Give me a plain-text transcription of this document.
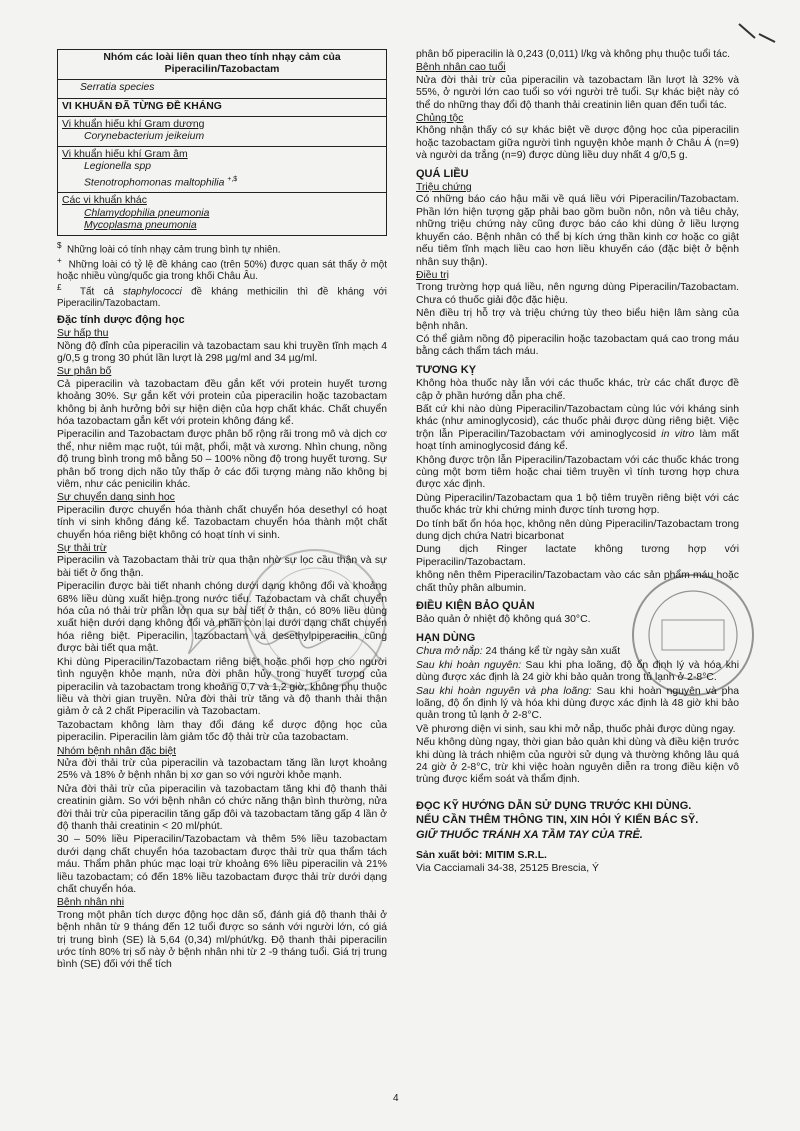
Nhóm các loài liên quan theo tính nhạy cảm của Piperacilin/Tazobactam
Serratia species
VI KHUẨN ĐÃ TỪNG ĐỀ KHÁNG

Vi khuẩn hiếu khí Gram dương
Corynebacterium jeikeium

Vi khuẩn hiếu khí Gram âm
Legionella spp
Stenotrophomonas maltophilia +,$

Các vi khuẩn khác
Chlamydophilia pneumonia
Mycoplasma pneumonia

$ Những loài có tính nhạy cảm trung bình tự nhiên.

+ Những loài có tỷ lệ đề kháng cao (trên 50%) được quan sát thấy ở một hoặc nhiều vùng/quốc gia trong khối Châu Âu.

£ Tất cả staphylococci đề kháng methicilin thì đề kháng với Piperacilin/Tazobactam.

Đặc tính dược động học
Sự hấp thu

Nồng độ đỉnh của piperacilin và tazobactam sau khi truyền tĩnh mạch 4 g/0,5 g trong 30 phút lần lượt là 298 µg/ml and 34 µg/ml.

Sự phân bố

Cả piperacilin và tazobactam đều gắn kết với protein huyết tương khoảng 30%. Sự gắn kết với protein của piperacilin hoặc tazobactam không bị ảnh hưởng bởi sự hiện diện của hợp chất khác. Chất chuyển hóa tazobactam gắn kết với protein không đáng kể.

Piperacilin and Tazobactam được phân bố rộng rãi trong mô và dịch cơ thể, như niêm mạc ruột, túi mật, phổi, mật và xương. Nhìn chung, nồng độ trung bình trong mô bằng 50 – 100% nồng độ trong huyết tương. Sự phân bố trong dịch não tủy thấp ở các đối tượng màng não không bị viêm, như các penicilin khác.

Sự chuyển dạng sinh học

Piperacilin được chuyển hóa thành chất chuyển hóa desethyl có hoạt tính vi sinh không đáng kể. Tazobactam chuyển hóa thành một chất chuyển hóa riêng biệt không có hoạt tính vi sinh.

Sự thải trừ

Piperacilin và Tazobactam thải trừ qua thận nhờ sự lọc cầu thận và sự bài tiết ở ống thận.

Piperacilin được bài tiết nhanh chóng dưới dạng không đổi và khoảng 68% liều dùng xuất hiện trong nước tiểu. Tazobactam và chất chuyển hóa của nó thải trừ phần lớn qua sự bài tiết ở thận, có 80% liều dùng xuất hiện dưới dạng không đổi và phần còn lại dưới dạng chất chuyển hóa riêng biệt. Piperacilin, tazobactam và desethylpiperacilin cũng được bài tiết qua mật.

Khi dùng Piperacilin/Tazobactam riêng biệt hoặc phối hợp cho người tình nguyện khỏe mạnh, nửa đời phân hủy trong huyết tương của piperacilin và tazobactam trong khoảng 0,7 và 1,2 giờ, không phụ thuộc liều và thời gian truyền. Nửa đời thải trừ tăng và độ thanh thải thận giảm ở cả 2 chất Piperacilin và Tazobactam.

Tazobactam không làm thay đổi đáng kể dược động học của piperacilin. Piperacilin làm giảm tốc độ thải trừ của tazobactam.

Nhóm bệnh nhân đặc biệt

Nửa đời thải trừ của piperacilin và tazobactam tăng lần lượt khoảng 25% và 18% ở bệnh nhân bị xơ gan so với người khỏe mạnh.

Nửa đời thải trừ của piperacilin và tazobactam tăng khi độ thanh thải creatinin giảm. So với bệnh nhân có chức năng thận bình thường, nửa đời thải trừ của piperacilin tăng gấp đôi và tazobactam tăng gấp 4 lần ở độ thanh thải creatinin < 20 ml/phút.

30 – 50% liều Piperacilin/Tazobactam và thêm 5% liều tazobactam dưới dạng chất chuyển hóa tazobactam được thải trừ qua thẩm tách máu. Thẩm phân phúc mạc loại trừ khoảng 6% liều piperacilin và 21% liều tazobactam; có đến 18% liều tazobactam được thải trừ dưới dạng chất chuyển hóa.

Bệnh nhân nhi

Trong một phân tích dược động học dân số, đánh giá độ thanh thải ở bệnh nhân từ 9 tháng đến 12 tuổi được so sánh với người lớn, có giá trị trung bình (SE) là 5,64 (0,34) ml/phút/kg. Độ thanh thải piperacilin ước tính 80% trị số này ở bệnh nhân nhi từ 2 -9 tháng tuổi. Giá trị trung bình (SE) đối với thể tích

phân bố piperacilin là 0,243 (0,011) l/kg và không phụ thuộc tuổi tác.

Bệnh nhân cao tuổi

Nửa đời thải trừ của piperacilin và tazobactam lần lượt là 32% và 55%, ở người lớn cao tuổi so với người trẻ tuổi. Sự khác biệt này có thể do những thay đổi độ thanh thải creatinin liên quan đến tuổi tác.

Chủng tộc

Không nhận thấy có sự khác biệt về dược động học của piperacilin hoặc tazobactam giữa người tình nguyện khỏe mạnh ở Châu Á (n=9) và người da trắng (n=9) được dùng liều duy nhất 4 g/0,5 g.

QUÁ LIỀU
Triệu chứng

Có những báo cáo hậu mãi về quá liều với Piperacilin/Tazobactam. Phần lớn hiện tượng gặp phải bao gồm buồn nôn, nôn và tiêu chảy, những triệu chứng này cũng được báo cáo khi dùng ở liều lượng khuyến cáo. Bệnh nhân có thể bị kích ứng thần kinh cơ hoặc co giật nếu tiêm tĩnh mạch liều cao hơn liều khuyến cáo (đặc biệt ở bệnh nhân suy thận).

Điều trị

Trong trường hợp quá liều, nên ngưng dùng Piperacilin/Tazobactam. Chưa có thuốc giải độc đặc hiệu.

Nên điều trị hỗ trợ và triệu chứng tùy theo biểu hiện lâm sàng của bệnh nhân.

Có thể giảm nồng độ piperacilin hoặc tazobactam quá cao trong máu bằng cách thẩm tách máu.

TƯƠNG KỴ

Không hòa thuốc này lẫn với các thuốc khác, trừ các chất được đề cập ở phần hướng dẫn pha chế.

Bất cứ khi nào dùng Piperacilin/Tazobactam cùng lúc với kháng sinh khác (như aminoglycosid), các thuốc phải được dùng riêng biệt. Việc trộn lẫn Piperacilin/Tazobactam với aminoglycosid in vitro làm mất hoạt tính aminoglycosid đáng kể.

Không được trộn lẫn Piperacilin/Tazobactam với các thuốc khác trong cùng một bơm tiêm hoặc chai tiêm truyền vì tính tương hợp chưa được xác định.

Dùng Piperacilin/Tazobactam qua 1 bộ tiêm truyền riêng biệt với các thuốc khác trừ khi chứng minh được tính tương hợp.

Do tính bất ổn hóa học, không nên dùng Piperacilin/Tazobactam trong dung dịch chứa Natri bicarbonat

Dung dịch Ringer lactate không tương hợp với Piperacilin/Tazobactam.

không nên thêm Piperacilin/Tazobactam vào các sản phẩm máu hoặc chất thủy phân albumin.

ĐIỀU KIỆN BẢO QUẢN

Bảo quản ở nhiệt độ không quá 30°C.

HẠN DÙNG

Chưa mở nắp: 24 tháng kể từ ngày sản xuất

Sau khi hoàn nguyên: Sau khi pha loãng, độ ổn định lý và hóa khi dùng được xác định là 24 giờ khi bảo quản trong tủ lạnh ở 2-8°C.

Sau khi hoàn nguyên và pha loãng: Sau khi hoàn nguyên và pha loãng, độ ổn định lý và hóa khi dùng được xác định là 48 giờ khi bảo quản trong tủ lạnh ở 2-8°C.

Về phương diện vi sinh, sau khi mở nắp, thuốc phải được dùng ngay.

Nếu không dùng ngay, thời gian bảo quản khi dùng và điều kiện trước khi dùng là trách nhiệm của người sử dụng và thường không lâu quá 24 giờ ở 2-8°C, trừ khi việc hoàn nguyên diễn ra trong điều kiện vô trùng được kiểm soát và thẩm định.

ĐỌC KỸ HƯỚNG DẪN SỬ DỤNG TRƯỚC KHI DÙNG.
NẾU CẦN THÊM THÔNG TIN, XIN HỎI Ý KIẾN BÁC SỸ.
GIỮ THUỐC TRÁNH XA TẦM TAY CỦA TRẺ.
Sản xuất bởi: MITIM S.R.L.
Via Cacciamali 34-38, 25125 Brescia, Ý
4
